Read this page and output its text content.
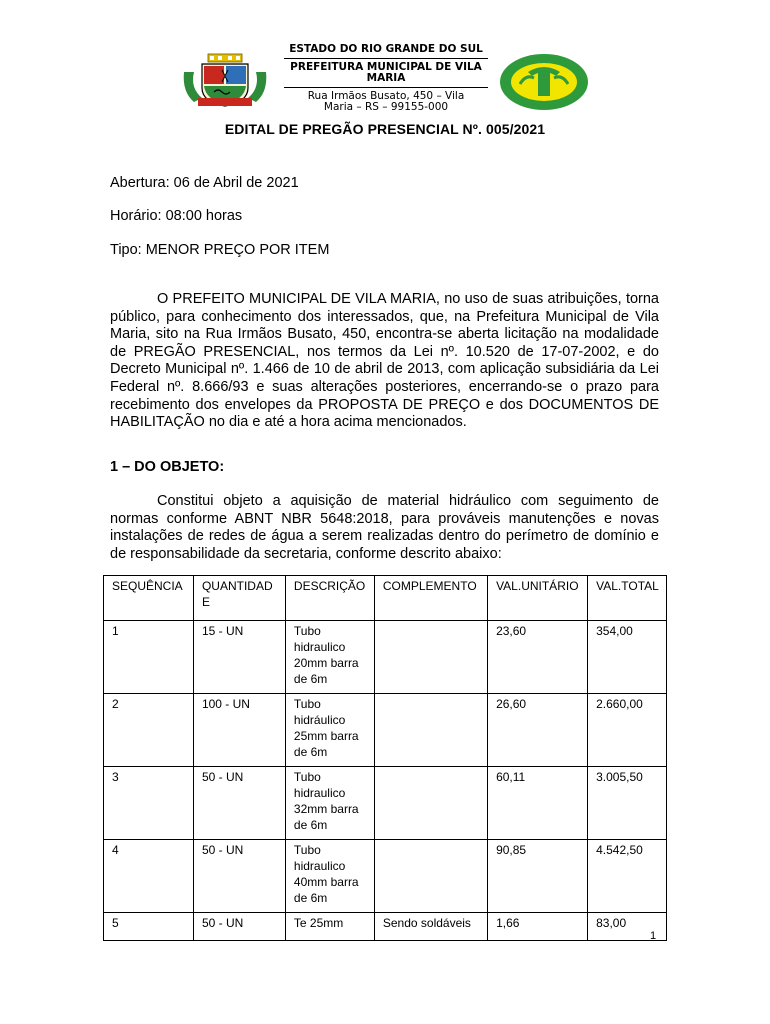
ESTADO DO RIO GRANDE DO SUL
PREFEITURA MUNICIPAL DE VILA MARIA
Rua Irmãos Busato, 450 – Vila
Maria – RS – 99155-000
EDITAL DE PREGÃO PRESENCIAL Nº. 005/2021
Abertura: 06 de Abril de 2021
Horário: 08:00 horas
Tipo: MENOR PREÇO POR ITEM
O PREFEITO MUNICIPAL DE VILA MARIA, no uso de suas atribuições, torna público, para conhecimento dos interessados, que, na Prefeitura Municipal de Vila Maria, sito na Rua Irmãos Busato, 450, encontra-se aberta licitação na modalidade de PREGÃO PRESENCIAL, nos termos da Lei nº. 10.520 de 17-07-2002, e do Decreto Municipal nº. 1.466 de 10 de abril de 2013, com aplicação subsidiária da Lei Federal nº. 8.666/93 e suas alterações posteriores, encerrando-se o prazo para recebimento dos envelopes da PROPOSTA DE PREÇO e dos DOCUMENTOS DE HABILITAÇÃO no dia e até a hora acima mencionados.
1 – DO OBJETO:
Constitui objeto a aquisição de material hidráulico com seguimento de normas conforme ABNT NBR 5648:2018, para prováveis manutenções e novas instalações de redes de água a serem realizadas dentro do perímetro de domínio e de responsabilidade da secretaria, conforme descrito abaixo:
SEQUÊNCIA	QUANTIDADE	DESCRIÇÃO	COMPLEMENTO	VAL.UNITÁRIO	VAL.TOTAL
1	15 - UN	Tubo hidraulico 20mm barra de 6m		23,60	354,00
2	100 - UN	Tubo hidráulico 25mm barra de 6m		26,60	2.660,00
3	50 - UN	Tubo hidraulico 32mm barra de 6m		60,11	3.005,50
4	50 - UN	Tubo hidraulico 40mm barra de 6m		90,85	4.542,50
5	50 - UN	Te 25mm	Sendo soldáveis	1,66	83,00
1
